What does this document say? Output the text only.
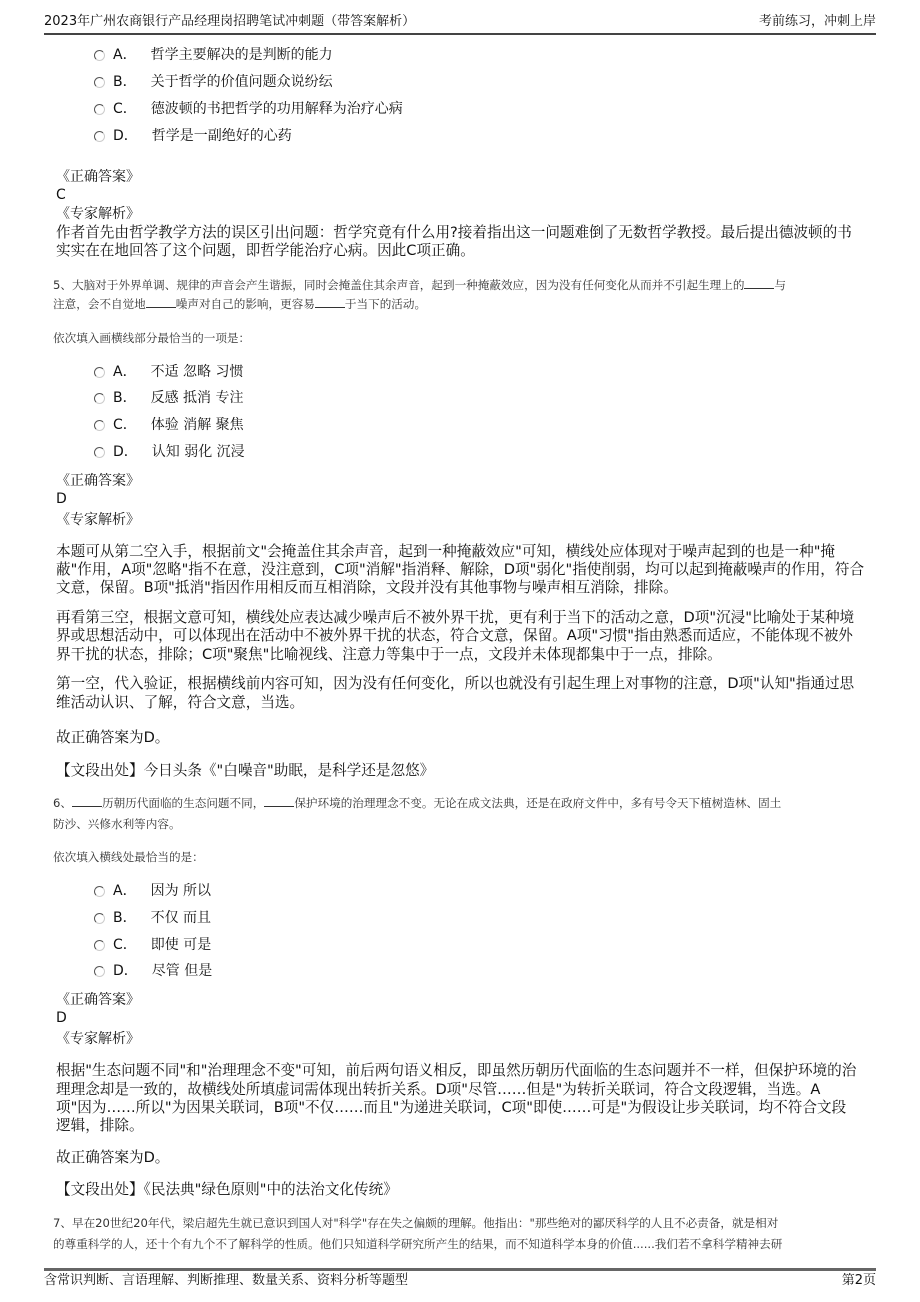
2023年广州农商银行产品经理岗招聘笔试冲刺题（带答案解析）	考前练习，冲刺上岸
A． 哲学主要解决的是判断的能力
B． 关于哲学的价值问题众说纷纭
C． 德波顿的书把哲学的功用解释为治疗心病
D． 哲学是一副绝好的心药
《正确答案》
C
《专家解析》
作者首先由哲学教学方法的误区引出问题：哲学究竟有什么用?接着指出这一问题难倒了无数哲学教授。最后提出德波顿的书
实实在在地回答了这个问题，即哲学能治疗心病。因此C项正确。
5、大脑对于外界单调、规律的声音会产生谐振，同时会掩盖住其余声音，起到一种掩蔽效应，因为没有任何变化从而并不引起生理上的	与
注意，会不自觉地	噪声对自己的影响，更容易	于当下的活动。
依次填入画横线部分最恰当的一项是：
A． 不适 忽略 习惯
B． 反感 抵消 专注
C． 体验 消解 聚焦
D． 认知 弱化 沉浸
《正确答案》
D
《专家解析》
本题可从第二空入手，根据前文"会掩盖住其余声音，起到一种掩蔽效应"可知，横线处应体现对于噪声起到的也是一种"掩
蔽"作用，A项"忽略"指不在意，没注意到，C项"消解"指消释、解除，D项"弱化"指使削弱，均可以起到掩蔽噪声的作用，符合
文意，保留。B项"抵消"指因作用相反而互相消除，文段并没有其他事物与噪声相互消除，排除。
再看第三空，根据文意可知，横线处应表达减少噪声后不被外界干扰，更有利于当下的活动之意，D项"沉浸"比喻处于某种境
界或思想活动中，可以体现出在活动中不被外界干扰的状态，符合文意，保留。A项"习惯"指由熟悉而适应，不能体现不被外
界干扰的状态，排除；C项"聚焦"比喻视线、注意力等集中于一点，文段并未体现都集中于一点，排除。
第一空，代入验证，根据横线前内容可知，因为没有任何变化，所以也就没有引起生理上对事物的注意，D项"认知"指通过思
维活动认识、了解，符合文意，当选。
故正确答案为D。
【文段出处】今日头条《"白噪音"助眠，是科学还是忽悠》
6、	历朝历代面临的生态问题不同，	保护环境的治理理念不变。无论在成文法典，还是在政府文件中，多有号令天下植树造林、固土
防沙、兴修水利等内容。
依次填入横线处最恰当的是：
A． 因为 所以
B． 不仅 而且
C． 即使 可是
D． 尽管 但是
《正确答案》
D
《专家解析》
根据"生态问题不同"和"治理理念不变"可知，前后两句语义相反，即虽然历朝历代面临的生态问题并不一样，但保护环境的治
理理念却是一致的，故横线处所填虚词需体现出转折关系。D项"尽管……但是"为转折关联词，符合文段逻辑，当选。A
项"因为……所以"为因果关联词，B项"不仅……而且"为递进关联词，C项"即使……可是"为假设让步关联词，均不符合文段
逻辑，排除。
故正确答案为D。
【文段出处】《民法典"绿色原则"中的法治文化传统》
7、早在20世纪20年代，梁启超先生就已意识到国人对"科学"存在失之偏颇的理解。他指出："那些绝对的鄙厌科学的人且不必责备，就是相对
的尊重科学的人，还十个有九个不了解科学的性质。他们只知道科学研究所产生的结果，而不知道科学本身的价值......我们若不拿科学精神去研
含常识判断、言语理解、判断推理、数量关系、资料分析等题型	第2页
